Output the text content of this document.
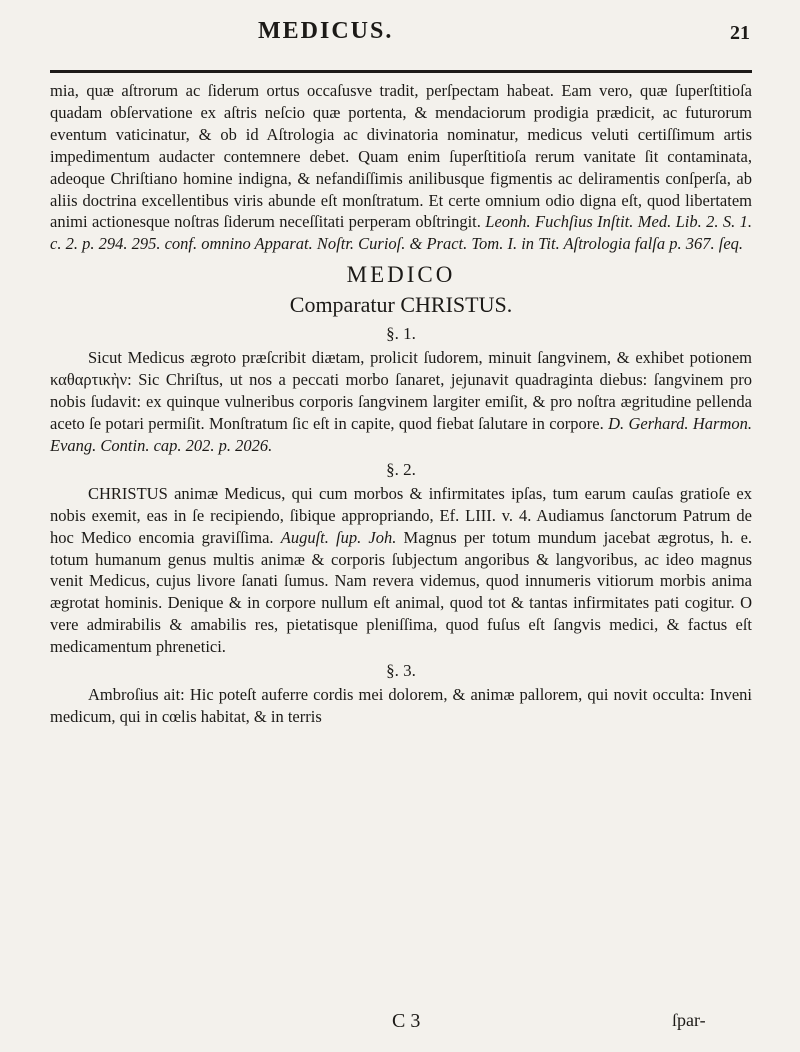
MEDICUS.	21

mia, quæ aſtrorum ac ſiderum ortus occaſusve tradit, perſpectam habeat. Eam vero, quæ ſuperſtitioſa quadam obſervatione ex aſtris neſcio quæ portenta, & mendaciorum prodigia prædicit, ac futurorum eventum vaticinatur, & ob id Aſtrologia ac divinatoria nominatur, medicus veluti certiſſimum artis impedimentum audacter contemnere debet. Quam enim ſuperſtitioſa rerum vanitate ſit contaminata, adeoque Chriſtiano homine indigna, & nefandiſſimis anilibusque figmentis ac deliramentis conſperſa, ab aliis doctrina excellentibus viris abunde eſt monſtratum. Et certe omnium odio digna eſt, quod libertatem animi actionesque noſtras ſiderum neceſſitati perperam obſtringit. Leonh. Fuchſius Inſtit. Med. Lib. 2. S. 1. c. 2. p. 294. 295. conf. omnino Apparat. Noſtr. Curioſ. & Pract. Tom. I. in Tit. Aſtrologia falſa p. 367. ſeq.

MEDICO
Comparatur CHRISTUS.
§. 1.

Sicut Medicus ægroto præſcribit diætam, prolicit ſudorem, minuit ſangvinem, & exhibet potionem καθαρτικὴν: Sic Chriſtus, ut nos a peccati morbo ſanaret, jejunavit quadraginta diebus: ſangvinem pro nobis ſudavit: ex quinque vulneribus corporis ſangvinem largiter emiſit, & pro noſtra ægritudine pellenda aceto ſe potari permiſit. Monſtratum ſic eſt in capite, quod fiebat ſalutare in corpore. D. Gerhard. Harmon. Evang. Contin. cap. 202. p. 2026.

§. 2.

CHRISTUS animæ Medicus, qui cum morbos & infirmitates ipſas, tum earum cauſas gratioſe ex nobis exemit, eas in ſe recipiendo, ſibique appropriando, Ef. LIII. v. 4. Audiamus ſanctorum Patrum de hoc Medico encomia graviſſima. Auguſt. ſup. Joh. Magnus per totum mundum jacebat ægrotus, h. e. totum humanum genus multis animæ & corporis ſubjectum angoribus & langvoribus, ac ideo magnus venit Medicus, cujus livore ſanati ſumus. Nam revera videmus, quod innumeris vitiorum morbis anima ægrotat hominis. Denique & in corpore nullum eſt animal, quod tot & tantas infirmitates pati cogitur. O vere admirabilis & amabilis res, pietatisque pleniſſima, quod fuſus eſt ſangvis medici, & factus eſt medicamentum phrenetici.

§. 3.

Ambroſius ait: Hic poteſt auferre cordis mei dolorem, & animæ pallorem, qui novit occulta: Inveni medicum, qui in cœlis habitat, & in terris

C 3	ſpar-
